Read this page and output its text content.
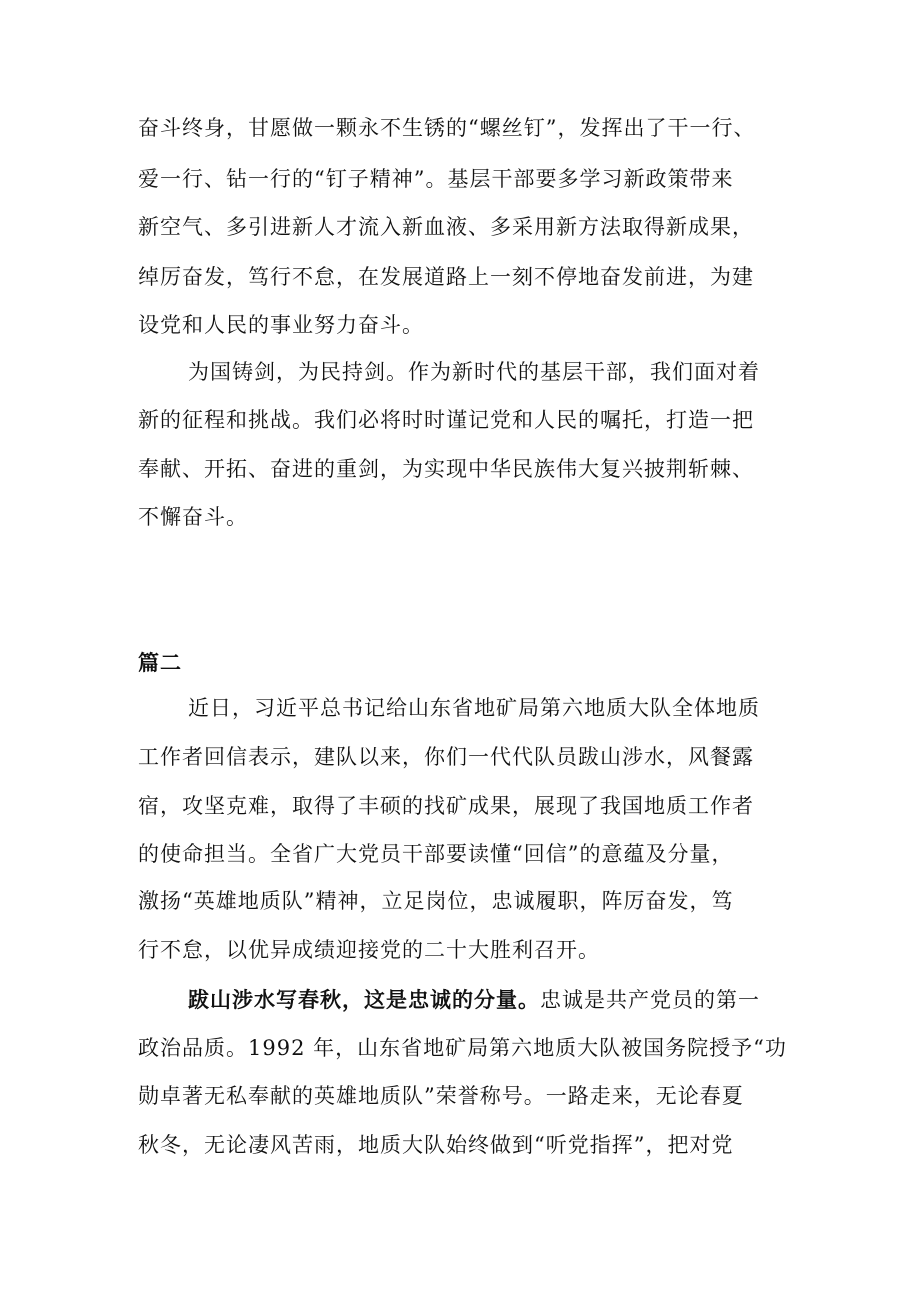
奋斗终身，甘愿做一颗永不生锈的“螺丝钉”，发挥出了干一行、
爱一行、钻一行的“钉子精神”。基层干部要多学习新政策带来
新空气、多引进新人才流入新血液、多采用新方法取得新成果，
绰厉奋发，笃行不怠，在发展道路上一刻不停地奋发前进，为建
设党和人民的事业努力奋斗。
为国铸剑，为民持剑。作为新时代的基层干部，我们面对着
新的征程和挑战。我们必将时时谨记党和人民的嘱托，打造一把
奉献、开拓、奋进的重剑，为实现中华民族伟大复兴披荆斩棘、
不懈奋斗。
篇二
近日，习近平总书记给山东省地矿局第六地质大队全体地质
工作者回信表示，建队以来，你们一代代队员跋山涉水，风餐露
宿，攻坚克难，取得了丰硕的找矿成果，展现了我国地质工作者
的使命担当。全省广大党员干部要读懂“回信”的意蕴及分量，
激扬“英雄地质队”精神，立足岗位，忠诚履职，阵厉奋发，笃
行不怠，以优异成绩迎接党的二十大胜利召开。
跋山涉水写春秋，这是忠诚的分量。忠诚是共产党员的第一
政治品质。1992 年，山东省地矿局第六地质大队被国务院授予“功
勋卓著无私奉献的英雄地质队”荣誉称号。一路走来，无论春夏
秋冬，无论凄风苦雨，地质大队始终做到“听党指挥”，把对党
